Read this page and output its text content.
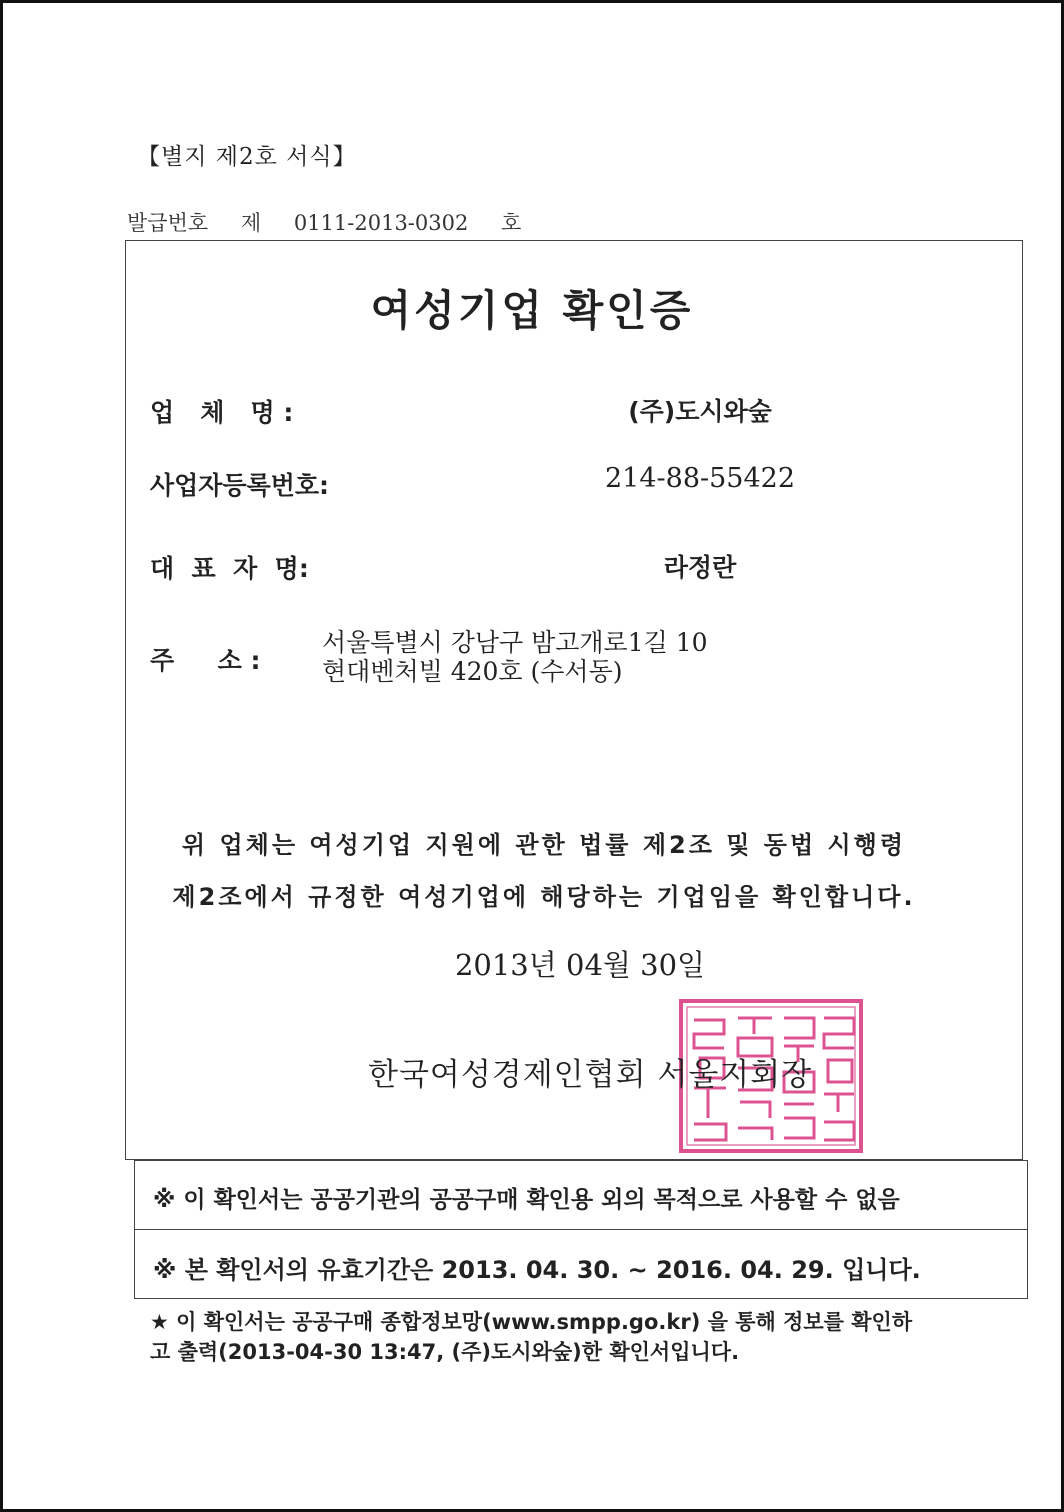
【별지 제2호 서식】
발급번호 제 0111-2013-0302 호
여성기업 확인증
업   체   명 :	(주)도시와숲
사업자등록번호:	214-88-55422
대  표  자  명:	라정란
주     소 :
서울특별시 강남구 밤고개로1길 10
현대벤처빌 420호 (수서동)
위 업체는 여성기업 지원에 관한 법률 제2조 및 동법 시행령
제2조에서 규정한 여성기업에 해당하는 기업임을 확인합니다.
2013년 04월 30일
한국여성경제인협회 서울지회장
※ 이 확인서는 공공기관의 공공구매 확인용 외의 목적으로 사용할 수 없음
※ 본 확인서의 유효기간은 2013. 04. 30. ~ 2016. 04. 29. 입니다.
★ 이 확인서는 공공구매 종합정보망(www.smpp.go.kr) 을 통해 정보를 확인하
고 출력(2013-04-30 13:47, (주)도시와숲)한 확인서입니다.
